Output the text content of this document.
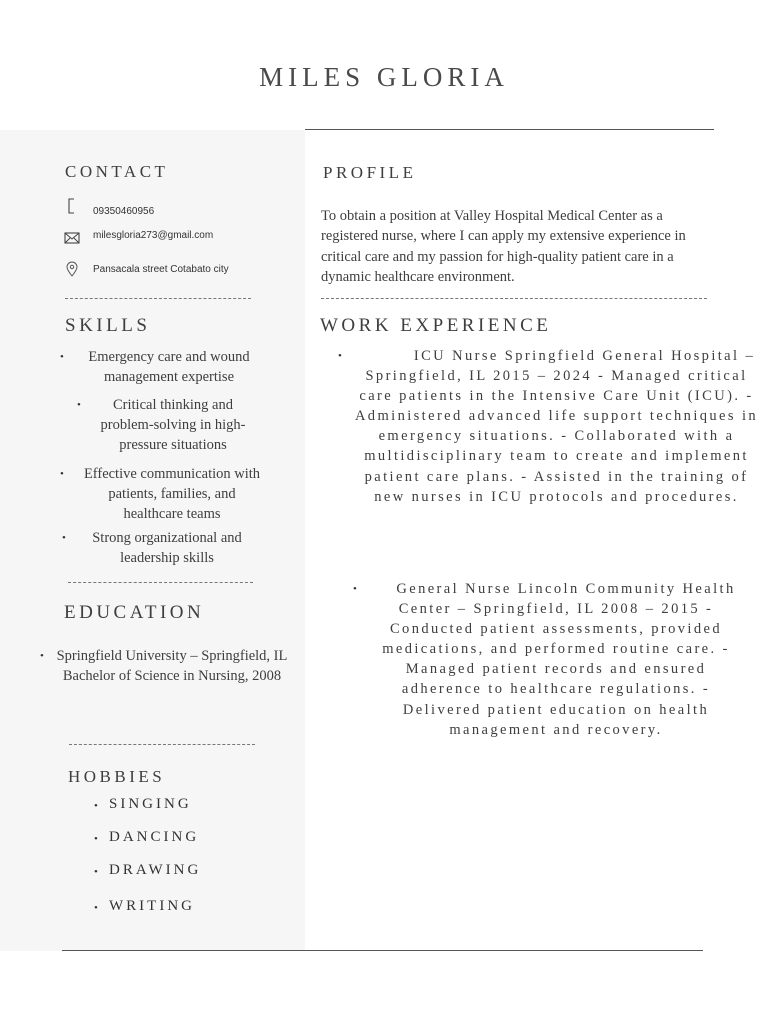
MILES GLORIA
CONTACT
09350460956
milesgloria273@gmail.com
Pansacala street Cotabato city
SKILLS
•	Emergency care and wound management expertise
•	Critical thinking and problem-solving in high-pressure situations
•	Effective communication with patients, families, and healthcare teams
•	Strong organizational and leadership skills
EDUCATION
• Springfield University – Springfield, IL Bachelor of Science in Nursing, 2008
HOBBIES
• SINGING
• DANCING
• DRAWING
• WRITING
PROFILE
To obtain a position at Valley Hospital Medical Center as a registered nurse, where I can apply my extensive experience in critical care and my passion for high-quality patient care in a dynamic healthcare environment.
WORK EXPERIENCE
•	ICU Nurse Springfield General Hospital – Springfield, IL 2015 – 2024 - Managed critical care patients in the Intensive Care Unit (ICU). - Administered advanced life support techniques in emergency situations. - Collaborated with a multidisciplinary team to create and implement patient care plans. - Assisted in the training of new nurses in ICU protocols and procedures.
•	General Nurse Lincoln Community Health Center – Springfield, IL 2008 – 2015 - Conducted patient assessments, provided medications, and performed routine care. - Managed patient records and ensured adherence to healthcare regulations. - Delivered patient education on health management and recovery.
